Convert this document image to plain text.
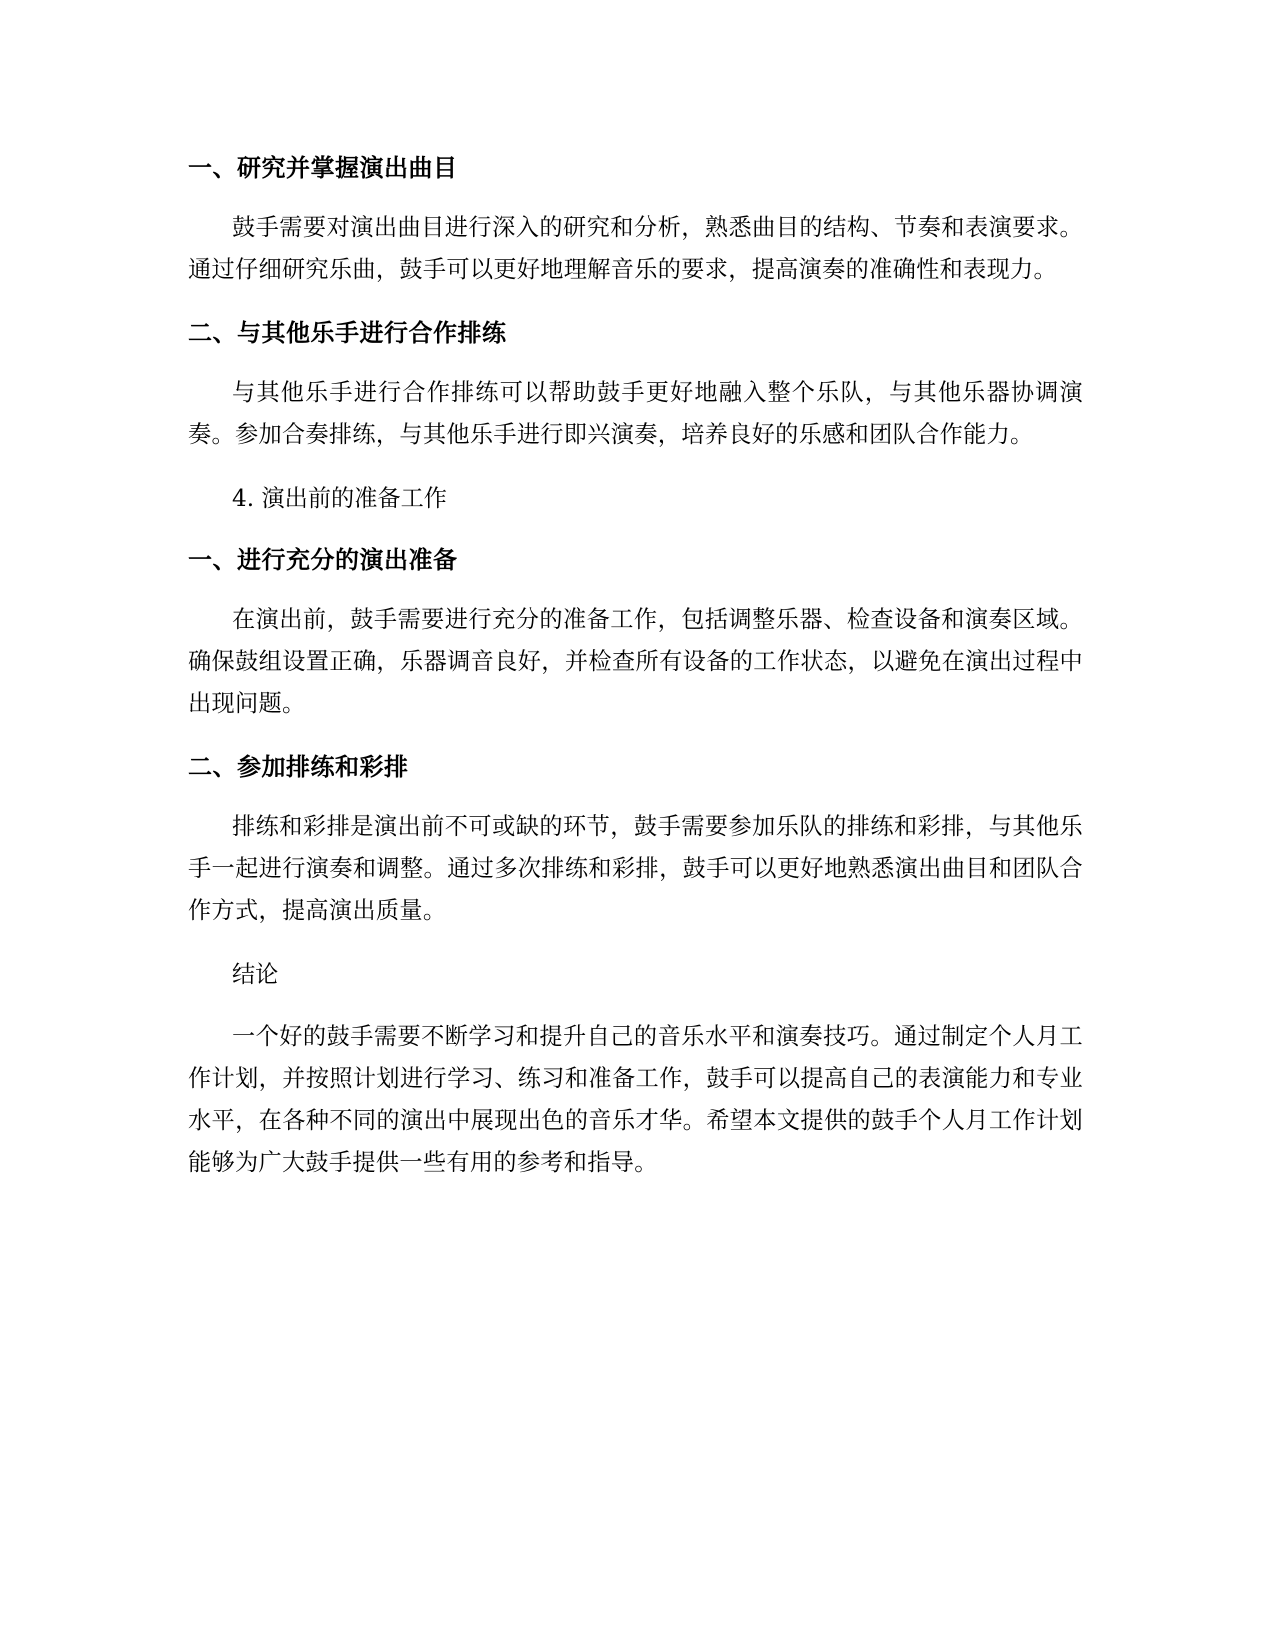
一、研究并掌握演出曲目

鼓手需要对演出曲目进行深入的研究和分析，熟悉曲目的结构、节奏和表演要求。通过仔细研究乐曲，鼓手可以更好地理解音乐的要求，提高演奏的准确性和表现力。

二、与其他乐手进行合作排练

与其他乐手进行合作排练可以帮助鼓手更好地融入整个乐队，与其他乐器协调演奏。参加合奏排练，与其他乐手进行即兴演奏，培养良好的乐感和团队合作能力。

4. 演出前的准备工作

一、进行充分的演出准备

在演出前，鼓手需要进行充分的准备工作，包括调整乐器、检查设备和演奏区域。确保鼓组设置正确，乐器调音良好，并检查所有设备的工作状态，以避免在演出过程中出现问题。

二、参加排练和彩排

排练和彩排是演出前不可或缺的环节，鼓手需要参加乐队的排练和彩排，与其他乐手一起进行演奏和调整。通过多次排练和彩排，鼓手可以更好地熟悉演出曲目和团队合作方式，提高演出质量。

结论

一个好的鼓手需要不断学习和提升自己的音乐水平和演奏技巧。通过制定个人月工作计划，并按照计划进行学习、练习和准备工作，鼓手可以提高自己的表演能力和专业水平，在各种不同的演出中展现出色的音乐才华。希望本文提供的鼓手个人月工作计划能够为广大鼓手提供一些有用的参考和指导。
